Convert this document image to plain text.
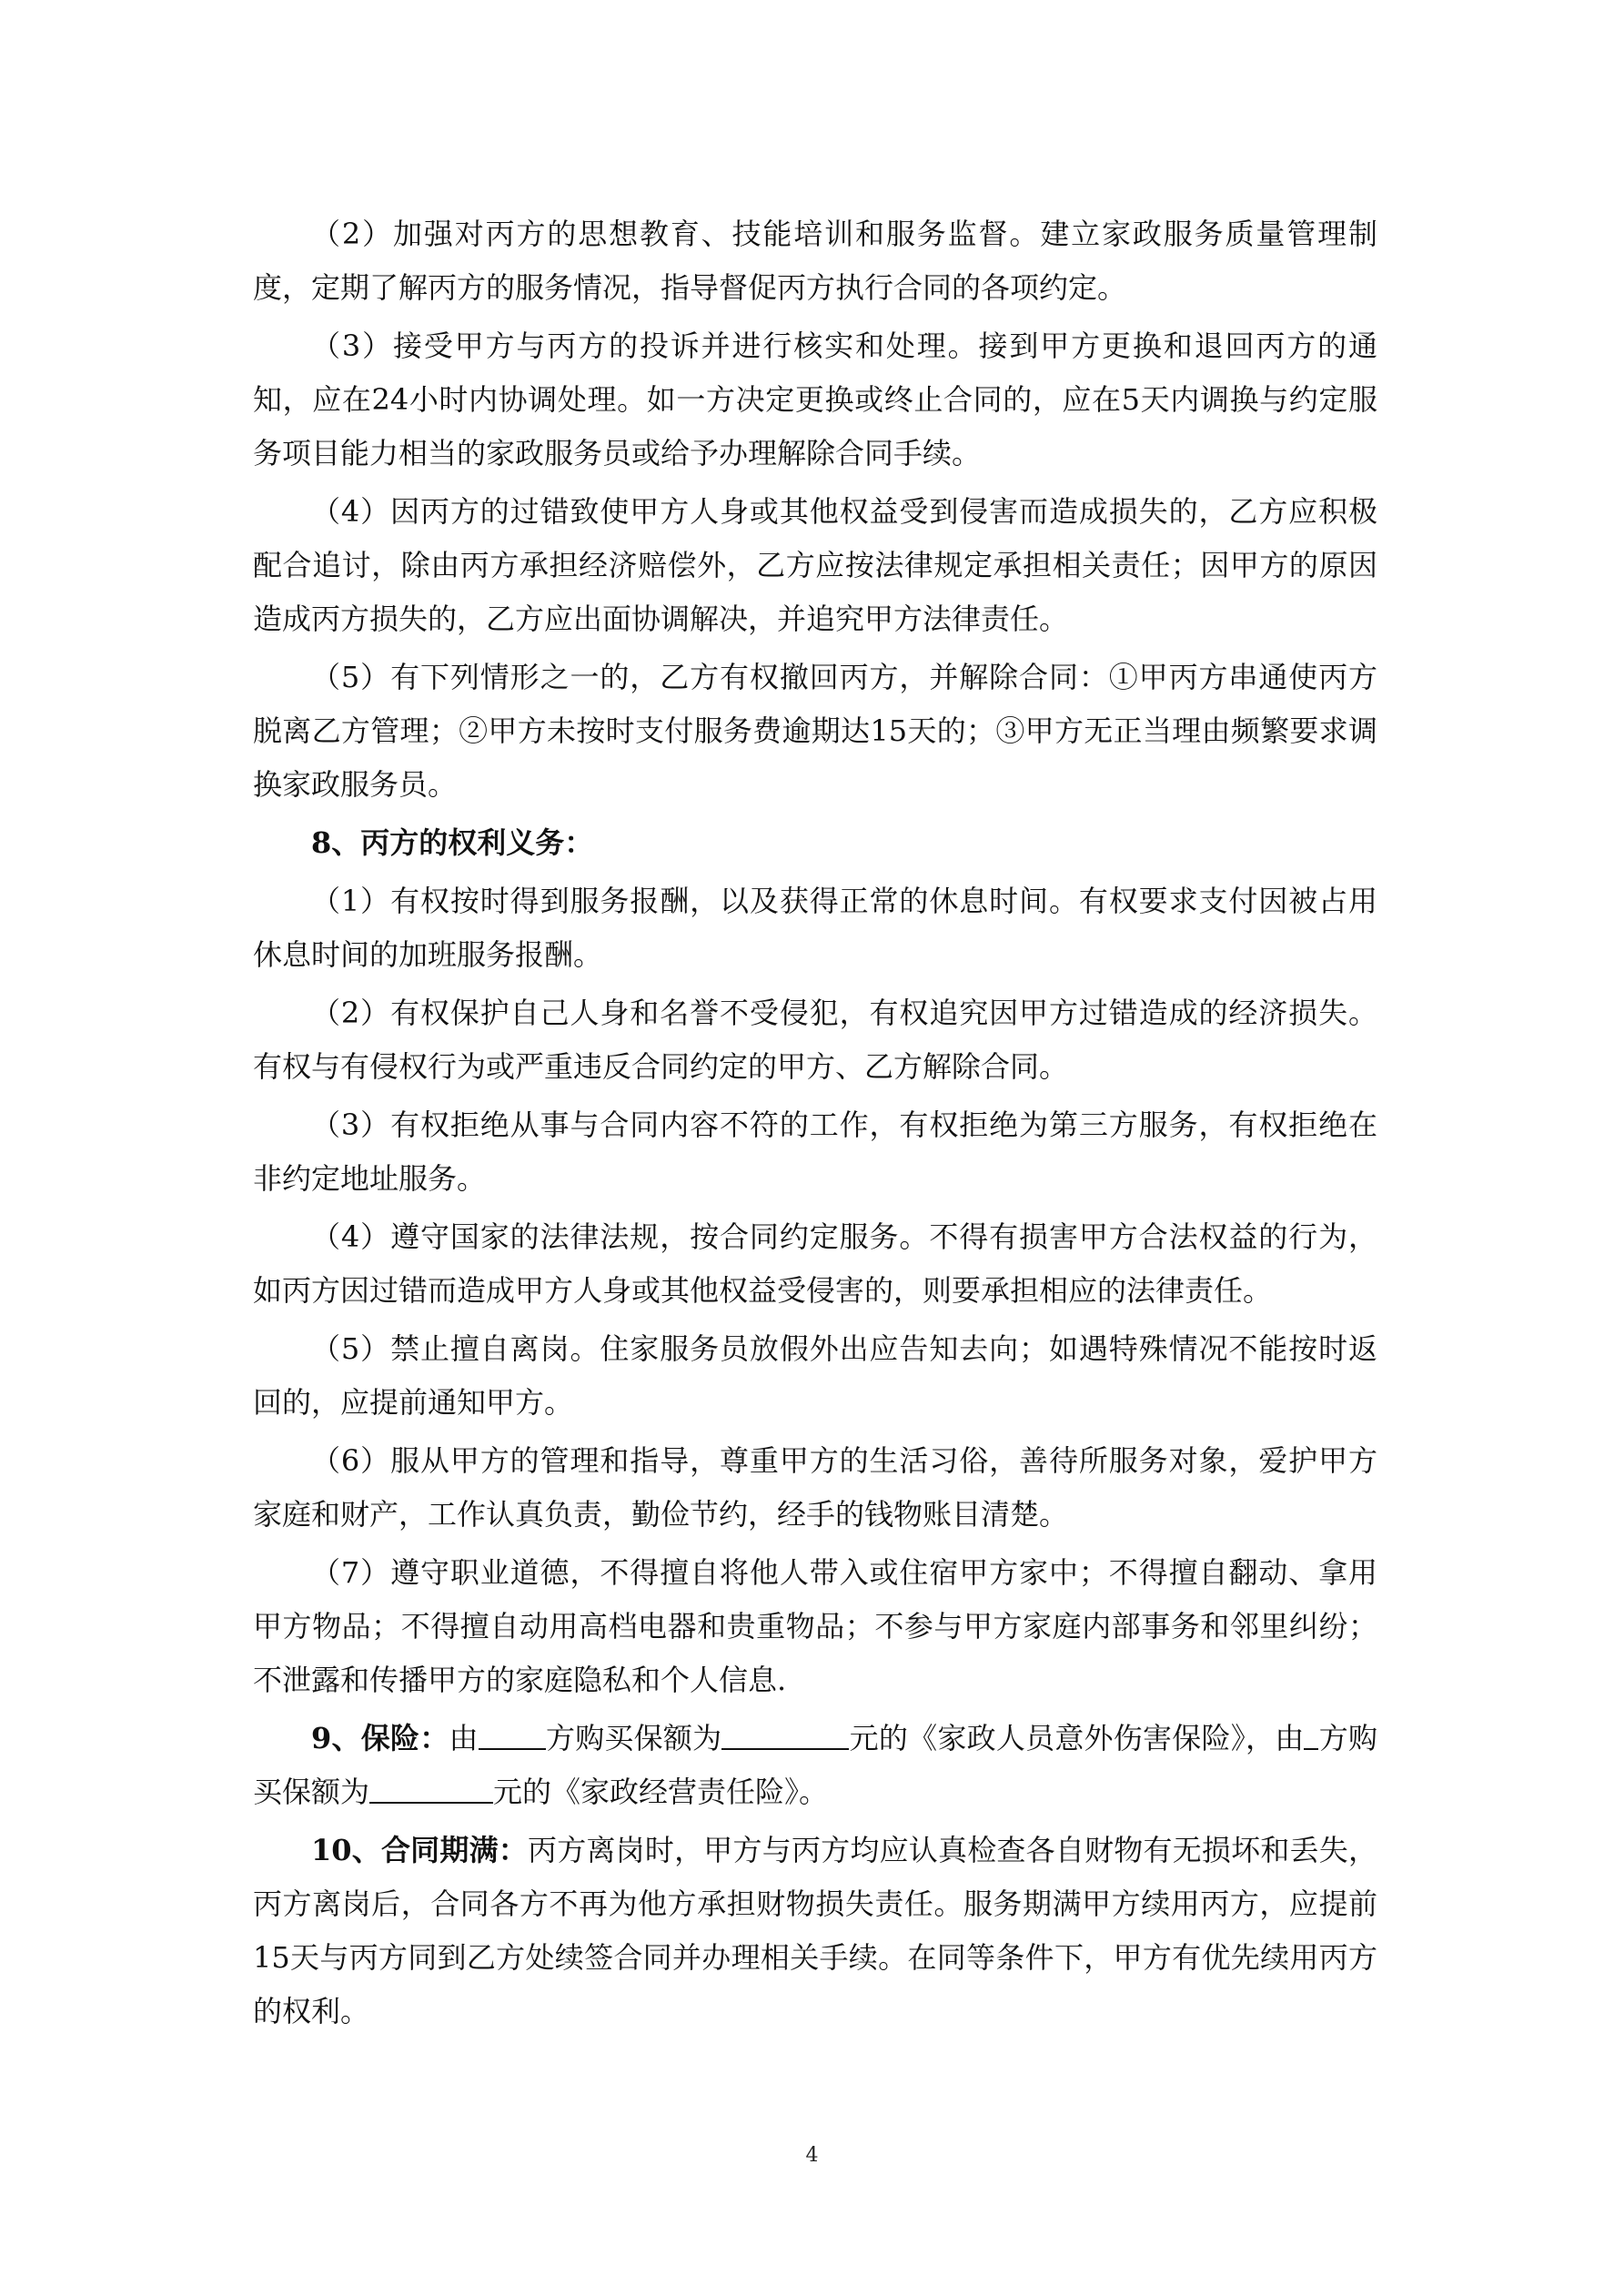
（2）加强对丙方的思想教育、技能培训和服务监督。建立家政服务质量管理制度，定期了解丙方的服务情况，指导督促丙方执行合同的各项约定。

（3）接受甲方与丙方的投诉并进行核实和处理。接到甲方更换和退回丙方的通知，应在24小时内协调处理。如一方决定更换或终止合同的，应在5天内调换与约定服务项目能力相当的家政服务员或给予办理解除合同手续。

（4）因丙方的过错致使甲方人身或其他权益受到侵害而造成损失的，乙方应积极配合追讨，除由丙方承担经济赔偿外，乙方应按法律规定承担相关责任；因甲方的原因造成丙方损失的，乙方应出面协调解决，并追究甲方法律责任。

（5）有下列情形之一的，乙方有权撤回丙方，并解除合同：①甲丙方串通使丙方脱离乙方管理；②甲方未按时支付服务费逾期达15天的；③甲方无正当理由频繁要求调换家政服务员。

8、丙方的权利义务：

（1）有权按时得到服务报酬，以及获得正常的休息时间。有权要求支付因被占用休息时间的加班服务报酬。

（2）有权保护自己人身和名誉不受侵犯，有权追究因甲方过错造成的经济损失。有权与有侵权行为或严重违反合同约定的甲方、乙方解除合同。

（3）有权拒绝从事与合同内容不符的工作，有权拒绝为第三方服务，有权拒绝在非约定地址服务。

（4）遵守国家的法律法规，按合同约定服务。不得有损害甲方合法权益的行为，如丙方因过错而造成甲方人身或其他权益受侵害的，则要承担相应的法律责任。

（5）禁止擅自离岗。住家服务员放假外出应告知去向；如遇特殊情况不能按时返回的，应提前通知甲方。

（6）服从甲方的管理和指导，尊重甲方的生活习俗，善待所服务对象，爱护甲方家庭和财产，工作认真负责，勤俭节约，经手的钱物账目清楚。

（7）遵守职业道德，不得擅自将他人带入或住宿甲方家中；不得擅自翻动、拿用甲方物品；不得擅自动用高档电器和贵重物品；不参与甲方家庭内部事务和邻里纠纷；不泄露和传播甲方的家庭隐私和个人信息.

9、保险：由 方购买保额为	元的《家政人员意外伤害保险》，由 方购买保额为	元的《家政经营责任险》。

10、合同期满：丙方离岗时，甲方与丙方均应认真检查各自财物有无损坏和丢失，丙方离岗后，合同各方不再为他方承担财物损失责任。服务期满甲方续用丙方，应提前15天与丙方同到乙方处续签合同并办理相关手续。在同等条件下，甲方有优先续用丙方的权利。

4
